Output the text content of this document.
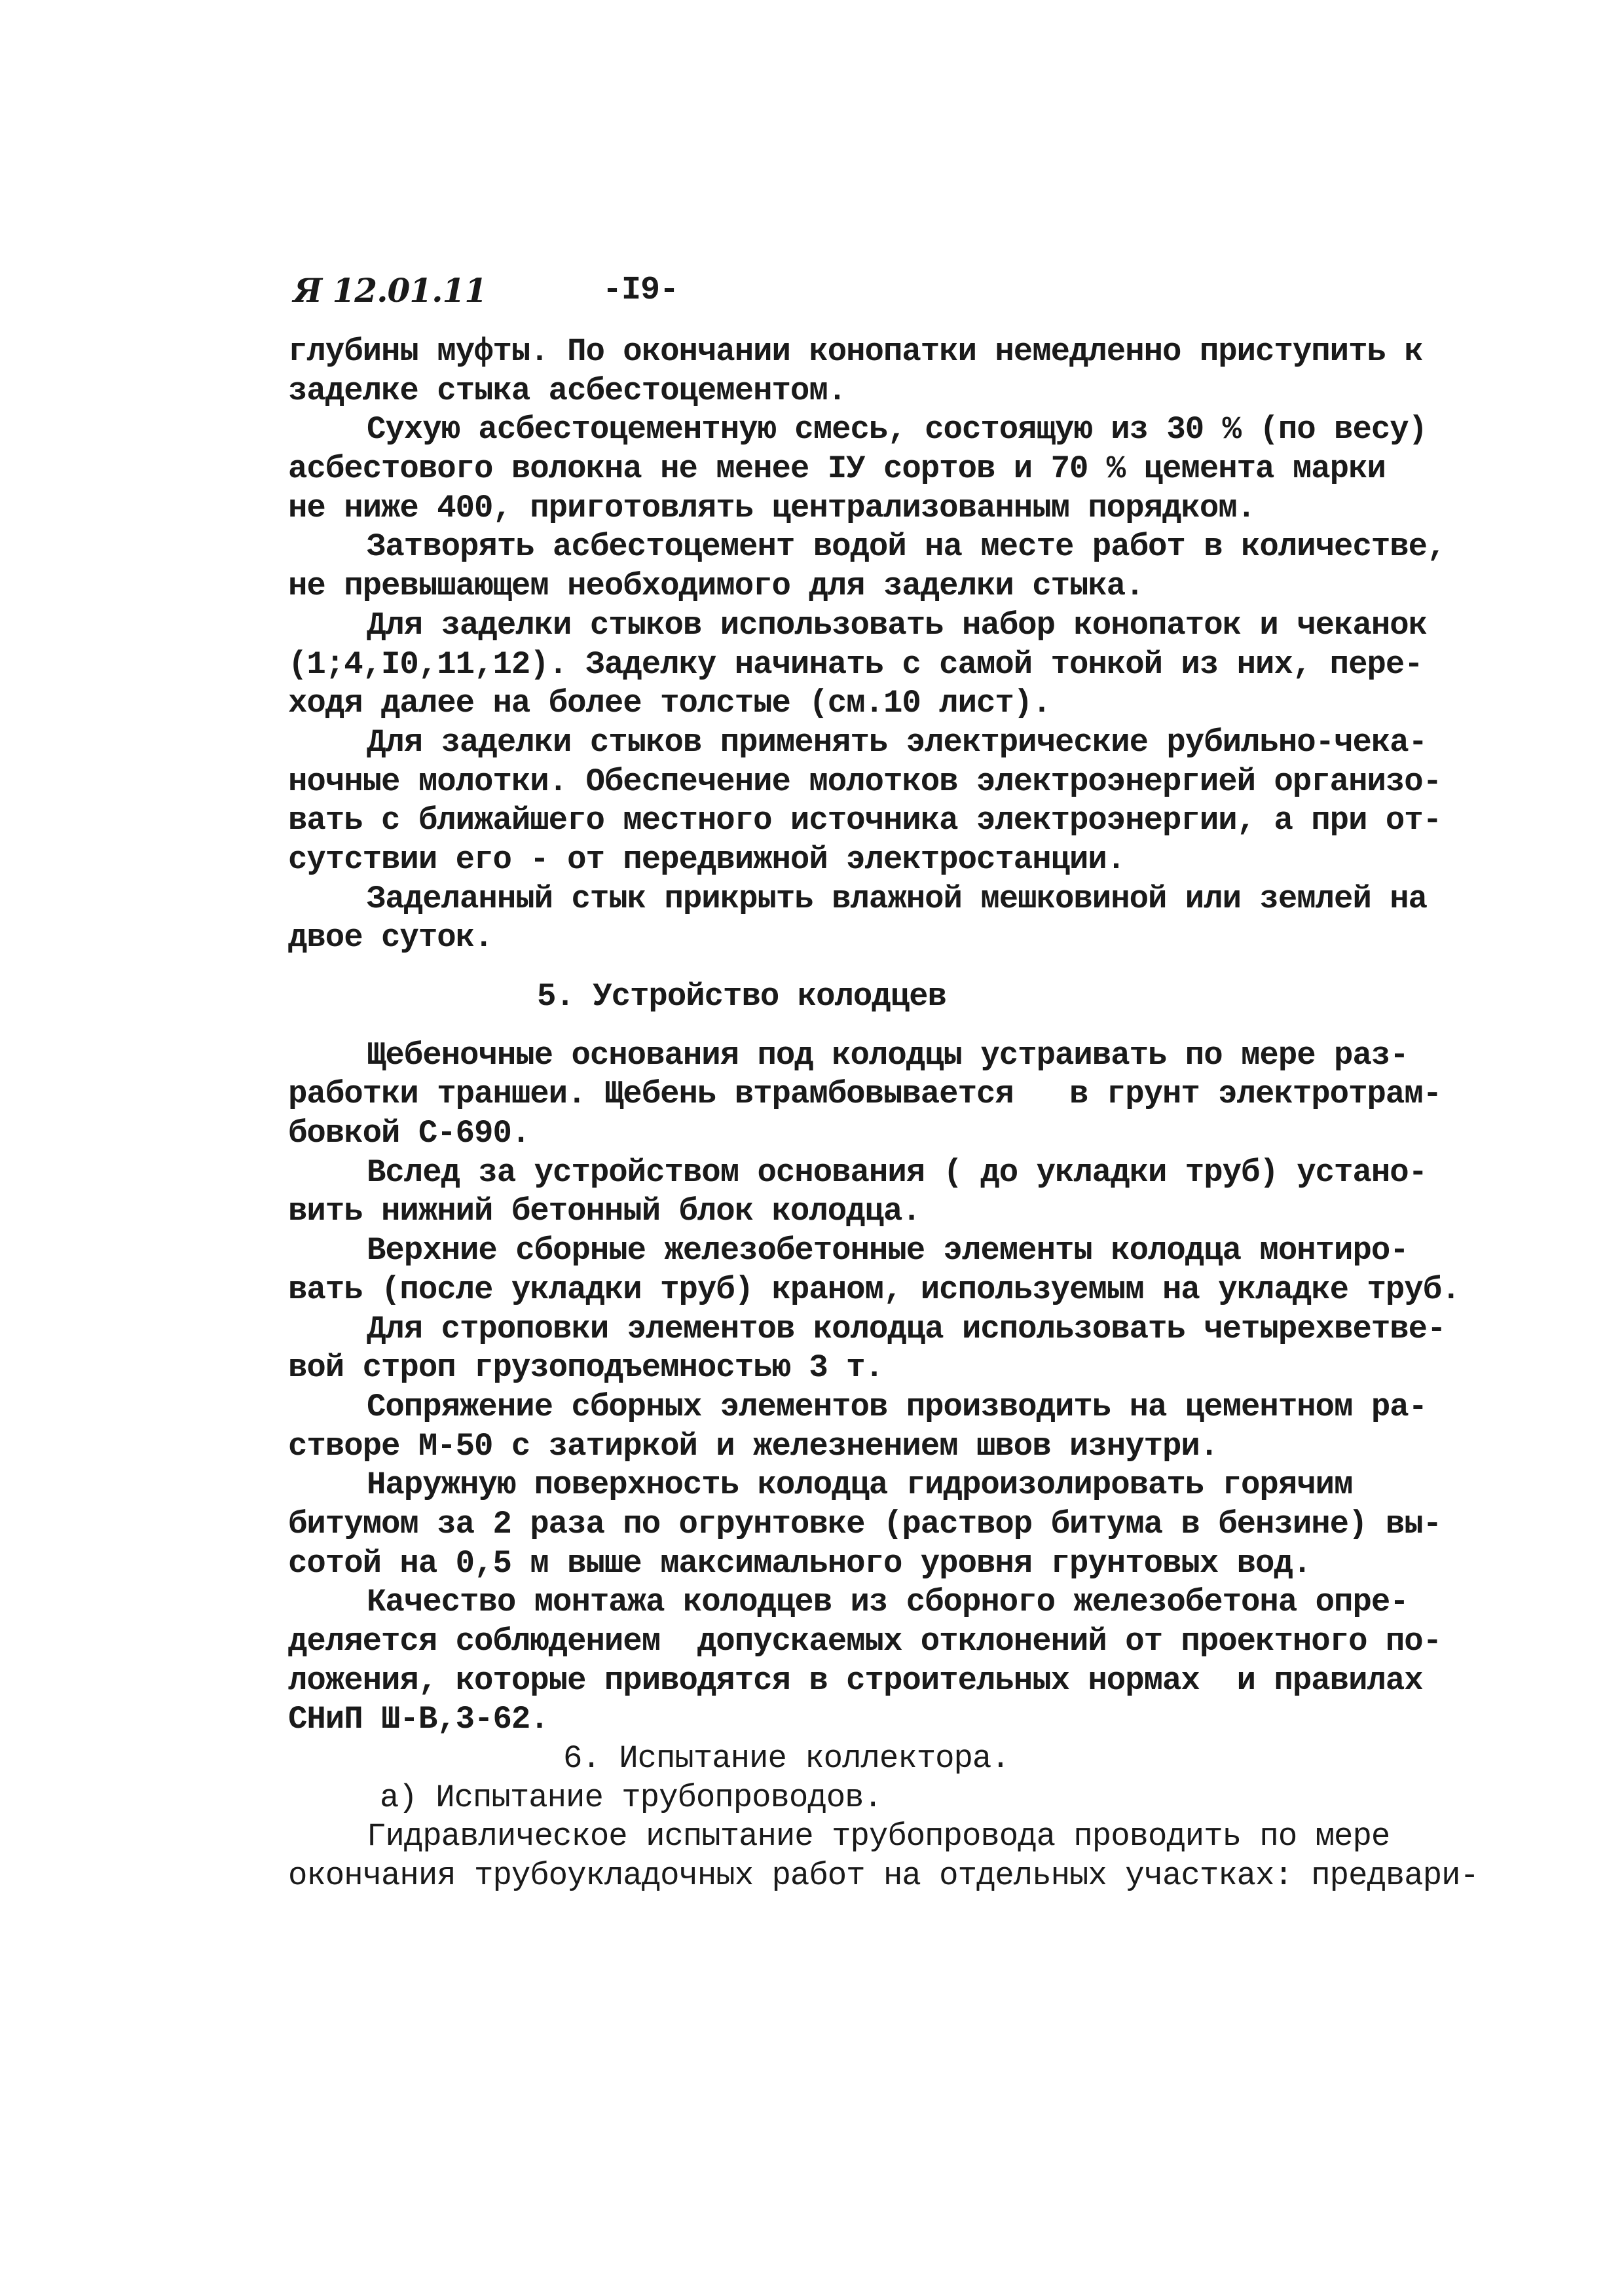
Я 12.01.11	-I9-
глубины муфты. По окончании конопатки немедленно приступить к
заделке стыка асбестоцементом.
Сухую асбестоцементную смесь, состоящую из 30 % (по весу)
асбестового волокна не менее IУ сортов и 70 % цемента марки
не ниже 400, приготовлять централизованным порядком.
Затворять асбестоцемент водой на месте работ в количестве,
не превышающем необходимого для заделки стыка.
Для заделки стыков использовать набор конопаток и чеканок
(1;4,I0,11,12). Заделку начинать с самой тонкой из них, пере-
ходя далее на более толстые (см.10 лист).
Для заделки стыков применять электрические рубильно-чека-
ночные молотки. Обеспечение молотков электроэнергией организо-
вать с ближайшего местного источника электроэнергии, а при от-
сутствии его - от передвижной электростанции.
Заделанный стык прикрыть влажной мешковиной или землей на
двое суток.
5. Устройство колодцев
Щебеночные основания под колодцы устраивать по мере раз-
работки траншеи. Щебень втрамбовывается   в грунт электротрам-
бовкой С-690.
Вслед за устройством основания ( до укладки труб) устано-
вить нижний бетонный блок колодца.
Верхние сборные железобетонные элементы колодца монтиро-
вать (после укладки труб) краном, используемым на укладке труб.
Для строповки элементов колодца использовать четырехветве-
вой строп грузоподъемностью 3 т.
Сопряжение сборных элементов производить на цементном ра-
створе М-50 с затиркой и железнением швов изнутри.
Наружную поверхность колодца гидроизолировать горячим
битумом за 2 раза по огрунтовке (раствор битума в бензине) вы-
сотой на 0,5 м выше максимального уровня грунтовых вод.
Качество монтажа колодцев из сборного железобетона опре-
деляется соблюдением  допускаемых отклонений от проектного по-
ложения, которые приводятся в строительных нормах  и правилах
СНиП Ш-В,3-62.
6. Испытание коллектора.
а) Испытание трубопроводов.
Гидравлическое испытание трубопровода проводить по мере
окончания трубоукладочных работ на отдельных участках: предвари-
